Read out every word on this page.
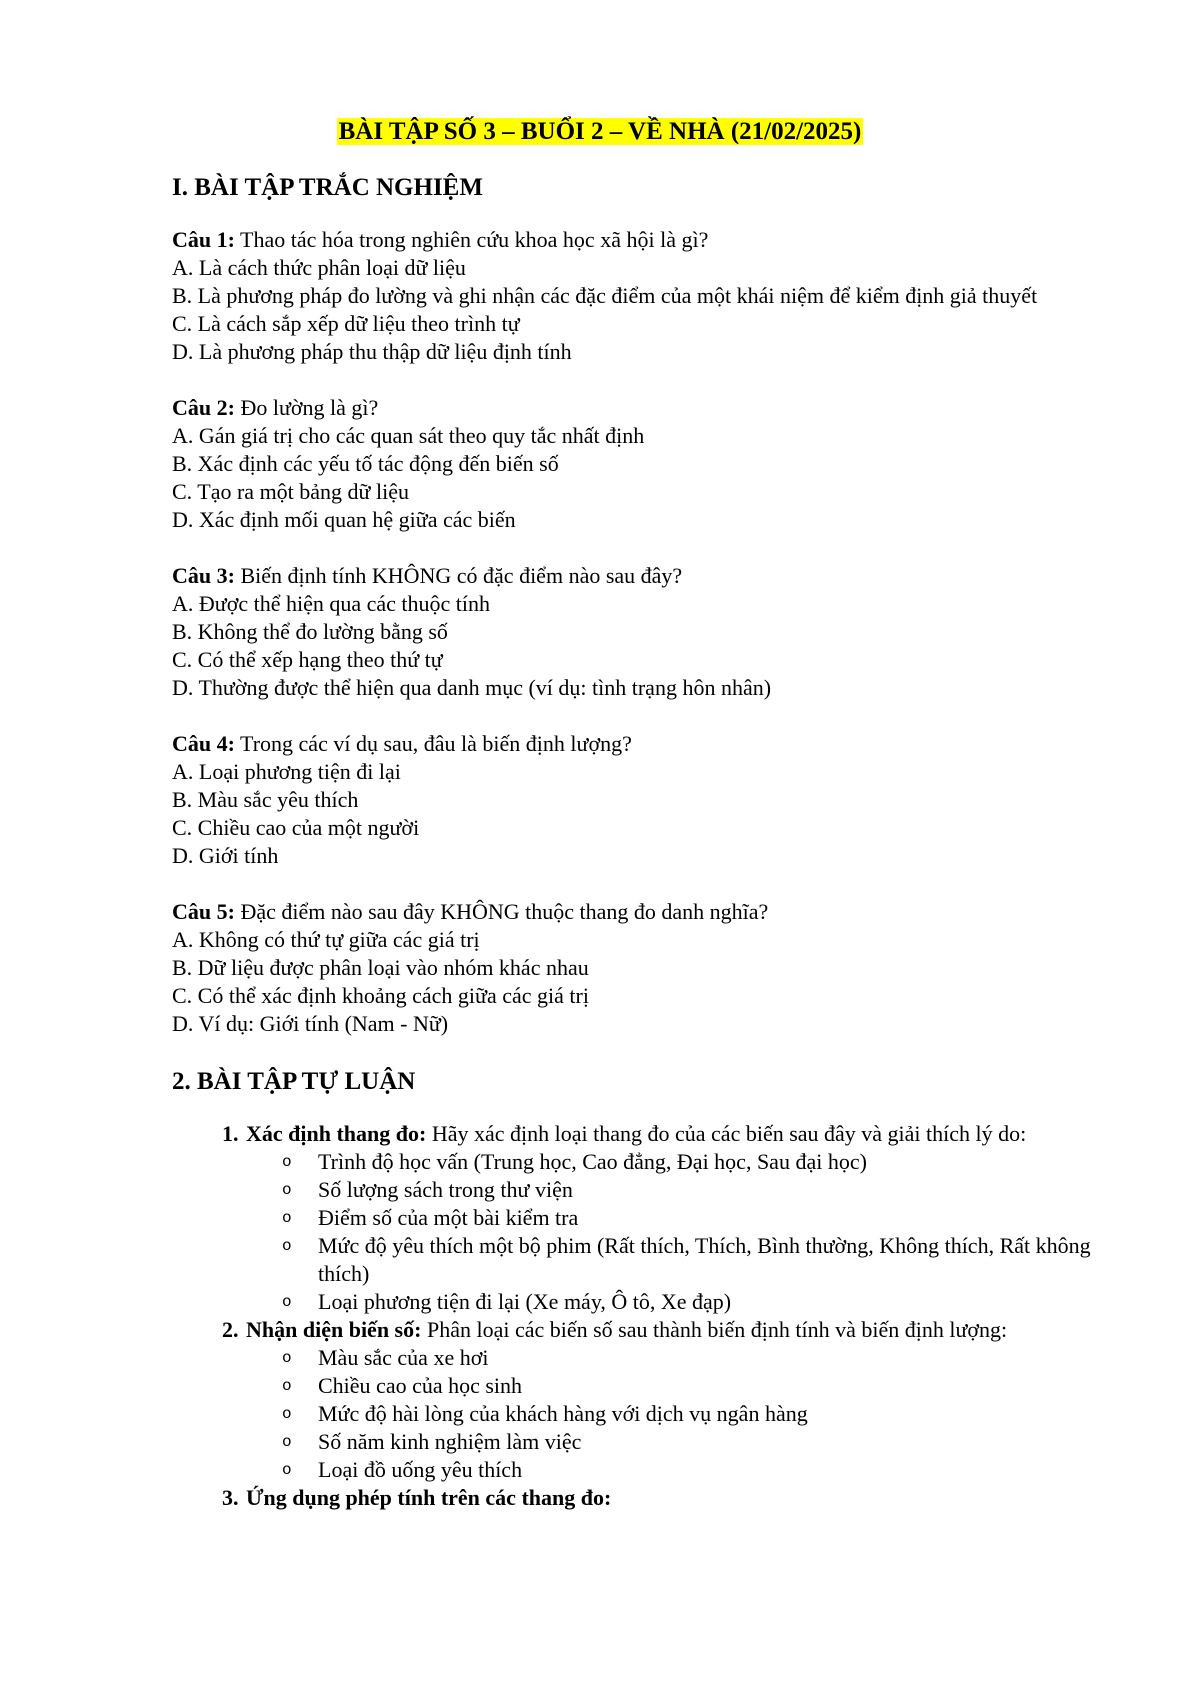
BÀI TẬP SỐ 3 – BUỔI 2 – VỀ NHÀ (21/02/2025)
I. BÀI TẬP TRẮC NGHIỆM

Câu 1: Thao tác hóa trong nghiên cứu khoa học xã hội là gì?

A. Là cách thức phân loại dữ liệu

B. Là phương pháp đo lường và ghi nhận các đặc điểm của một khái niệm để kiểm định giả thuyết

C. Là cách sắp xếp dữ liệu theo trình tự

D. Là phương pháp thu thập dữ liệu định tính

Câu 2: Đo lường là gì?

A. Gán giá trị cho các quan sát theo quy tắc nhất định

B. Xác định các yếu tố tác động đến biến số

C. Tạo ra một bảng dữ liệu

D. Xác định mối quan hệ giữa các biến

Câu 3: Biến định tính KHÔNG có đặc điểm nào sau đây?

A. Được thể hiện qua các thuộc tính

B. Không thể đo lường bằng số

C. Có thể xếp hạng theo thứ tự

D. Thường được thể hiện qua danh mục (ví dụ: tình trạng hôn nhân)

Câu 4: Trong các ví dụ sau, đâu là biến định lượng?

A. Loại phương tiện đi lại

B. Màu sắc yêu thích

C. Chiều cao của một người

D. Giới tính

Câu 5: Đặc điểm nào sau đây KHÔNG thuộc thang đo danh nghĩa?

A. Không có thứ tự giữa các giá trị

B. Dữ liệu được phân loại vào nhóm khác nhau

C. Có thể xác định khoảng cách giữa các giá trị

D. Ví dụ: Giới tính (Nam - Nữ)

2. BÀI TẬP TỰ LUẬN
1. Xác định thang đo: Hãy xác định loại thang đo của các biến sau đây và giải thích lý do:
o Trình độ học vấn (Trung học, Cao đẳng, Đại học, Sau đại học)
o Số lượng sách trong thư viện
o Điểm số của một bài kiểm tra
o Mức độ yêu thích một bộ phim (Rất thích, Thích, Bình thường, Không thích, Rất không thích)
o Loại phương tiện đi lại (Xe máy, Ô tô, Xe đạp)
2. Nhận diện biến số: Phân loại các biến số sau thành biến định tính và biến định lượng:
o Màu sắc của xe hơi
o Chiều cao của học sinh
o Mức độ hài lòng của khách hàng với dịch vụ ngân hàng
o Số năm kinh nghiệm làm việc
o Loại đồ uống yêu thích
3. Ứng dụng phép tính trên các thang đo:
